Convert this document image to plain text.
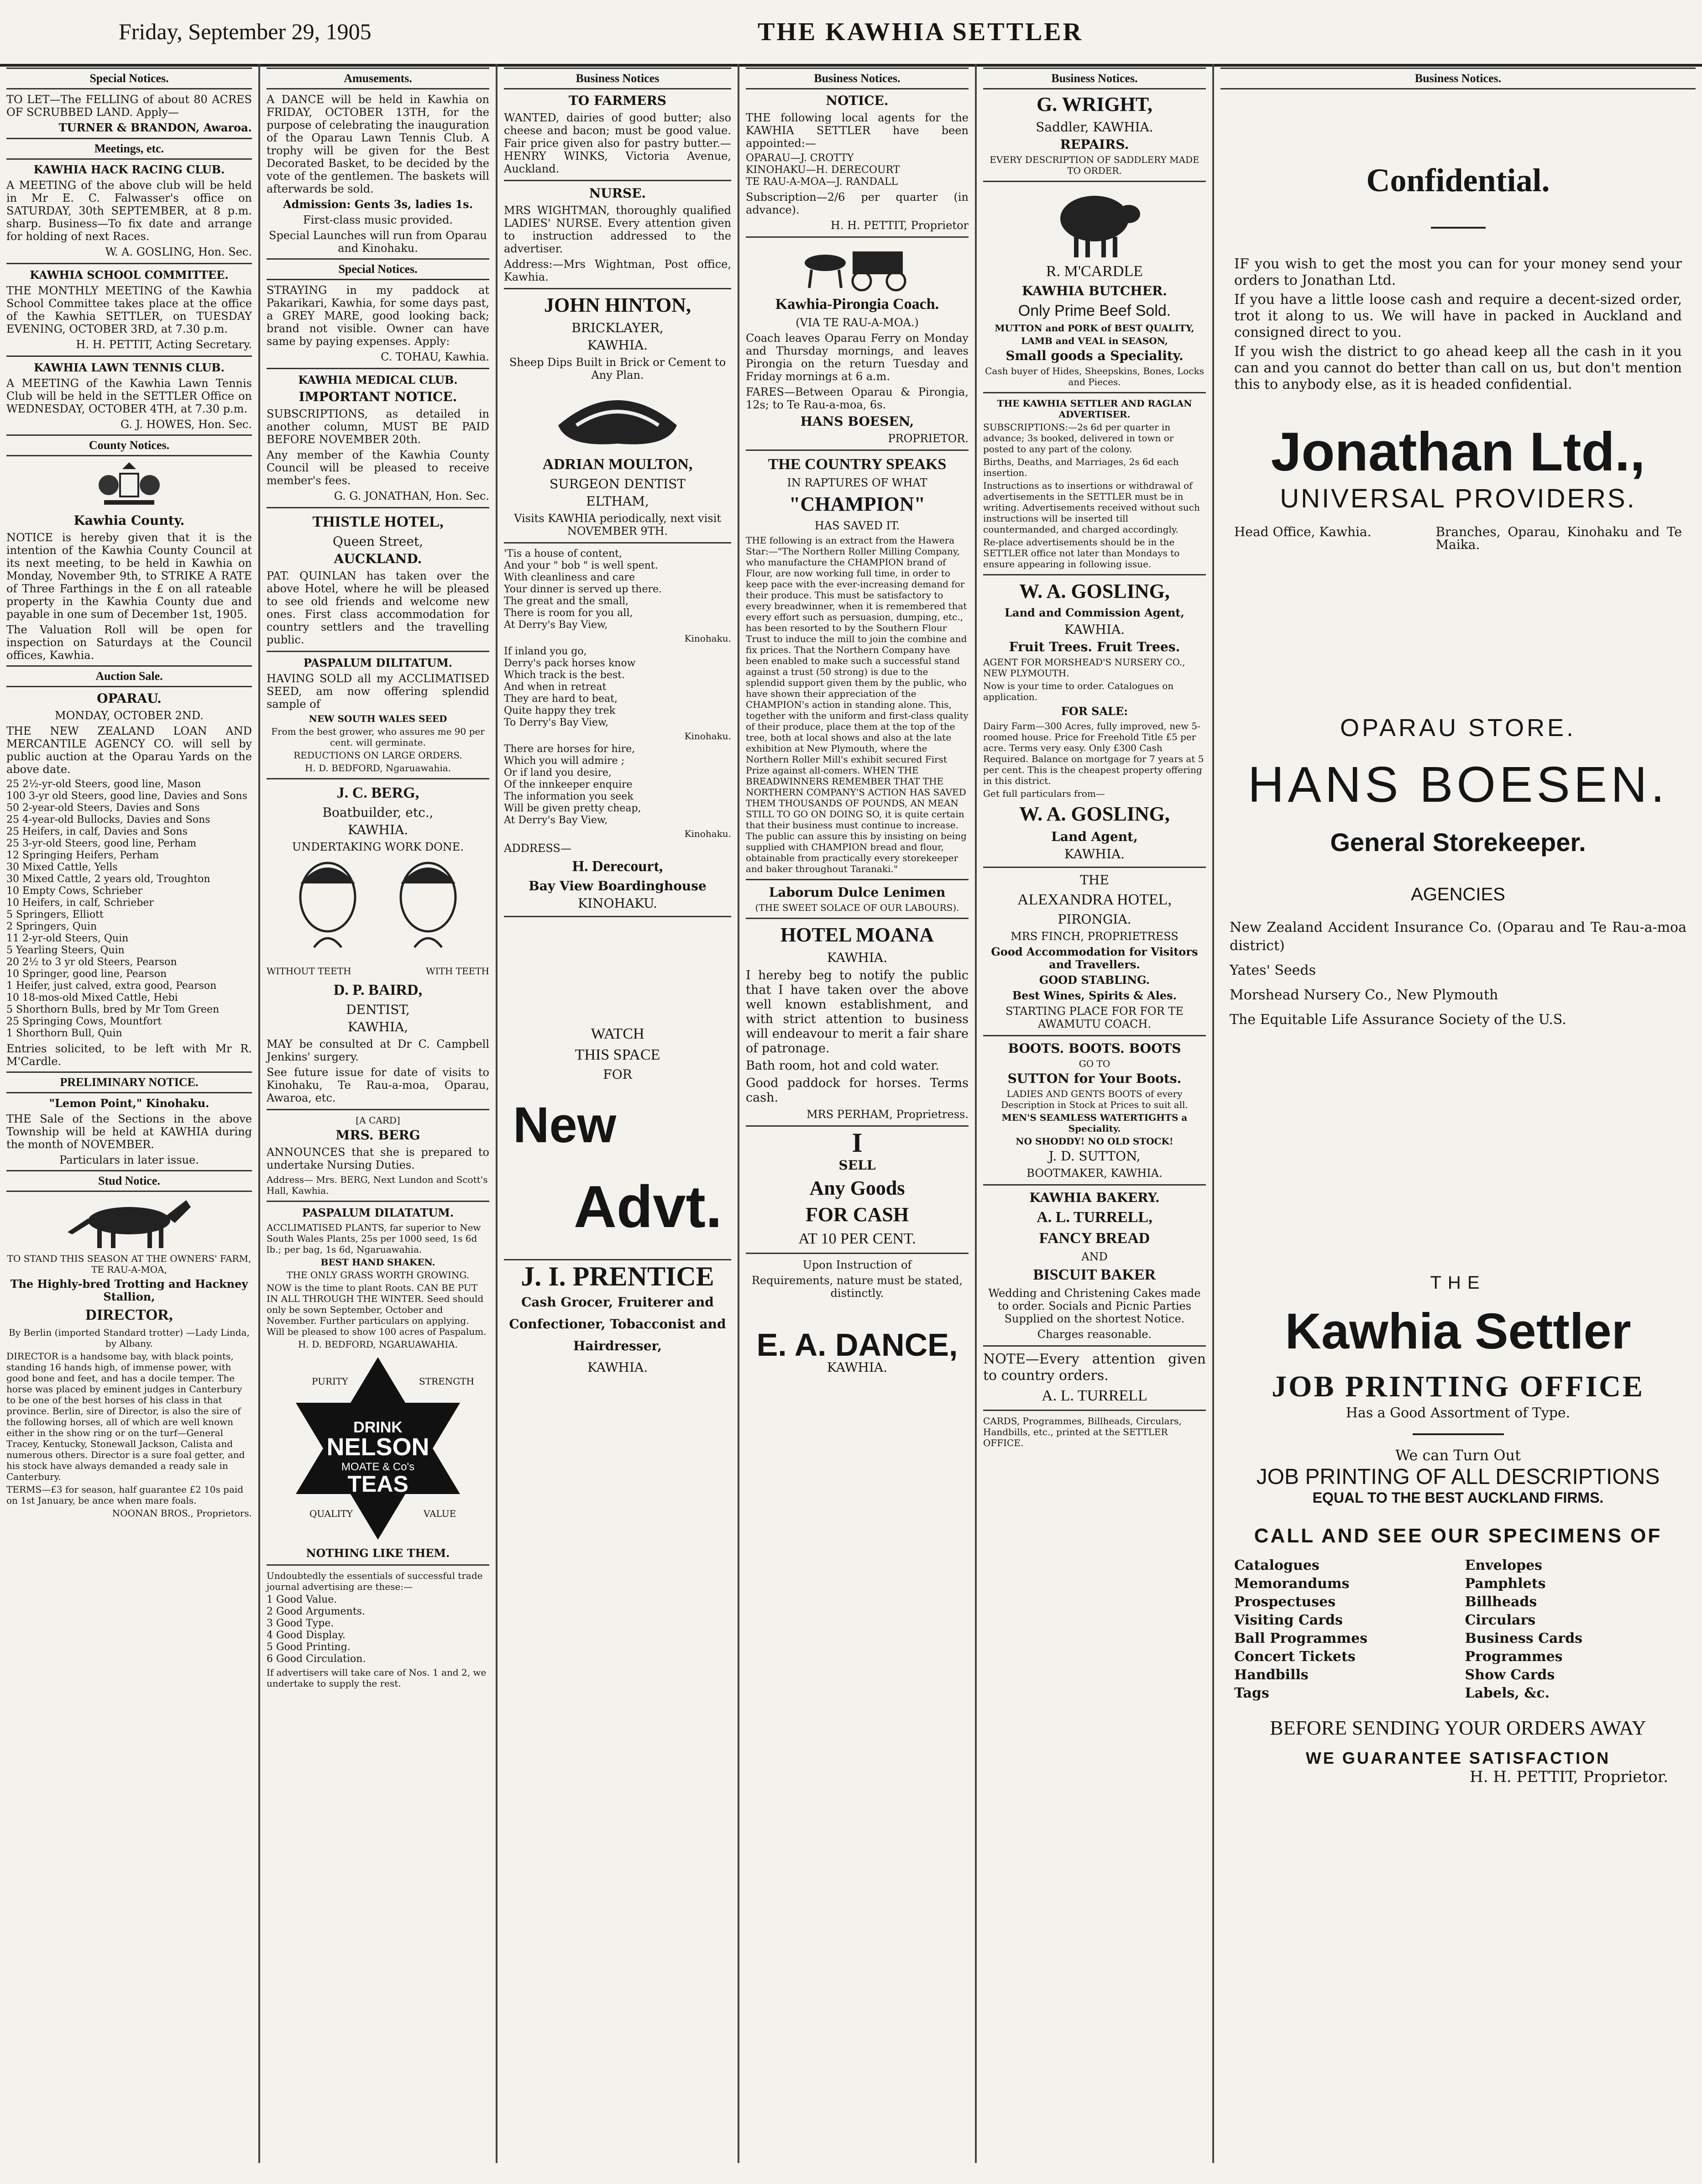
Friday, September 29, 1905	THE KAWHIA SETTLER
Special Notices.
TO LET—The FELLING of about 80 ACRES OF SCRUBBED LAND. Apply—
TURNER & BRANDON, Awaroa.
Meetings, etc.
KAWHIA HACK RACING CLUB.
A MEETING of the above club will be held in Mr E. C. Falwasser's office on SATURDAY, 30th SEPTEMBER, at 8 p.m. sharp. Business—To fix date and arrange for holding of next Races.
W. A. GOSLING, Hon. Sec.
KAWHIA SCHOOL COMMITTEE.
THE MONTHLY MEETING of the Kawhia School Committee takes place at the office of the Kawhia SETTLER, on TUESDAY EVENING, OCTOBER 3RD, at 7.30 p.m.
H. H. PETTIT, Acting Secretary.
KAWHIA LAWN TENNIS CLUB.
A MEETING of the Kawhia Lawn Tennis Club will be held in the SETTLER Office on WEDNESDAY, OCTOBER 4TH, at 7.30 p.m.
G. J. HOWES, Hon. Sec.
County Notices.
Kawhia County.
NOTICE is hereby given that it is the intention of the Kawhia County Council at its next meeting, to be held in Kawhia on Monday, November 9th, to STRIKE A RATE of Three Farthings in the £ on all rateable property in the Kawhia County due and payable in one sum of December 1st, 1905.
The Valuation Roll will be open for inspection on Saturdays at the Council offices, Kawhia.
Auction Sale.
OPARAU.
MONDAY, OCTOBER 2ND.
THE NEW ZEALAND LOAN AND MERCANTILE AGENCY CO. will sell by public auction at the Oparau Yards on the above date.
25 2½-yr-old Steers, good line, Mason
100 3-yr old Steers, good line, Davies and Sons
50 2-year-old Steers, Davies and Sons
25 4-year-old Bullocks, Davies and Sons
25 Heifers, in calf, Davies and Sons
25 3-yr-old Steers, good line, Perham
12 Springing Heifers, Perham
30 Mixed Cattle, Yells
30 Mixed Cattle, 2 years old, Troughton
10 Empty Cows, Schrieber
10 Heifers, in calf, Schrieber
5 Springers, Elliott
2 Springers, Quin
11 2-yr-old Steers, Quin
5 Yearling Steers, Quin
20 2½ to 3 yr old Steers, Pearson
10 Springer, good line, Pearson
1 Heifer, just calved, extra good, Pearson
10 18-mos-old Mixed Cattle, Hebi
5 Shorthorn Bulls, bred by Mr Tom Green
25 Springing Cows, Mountfort
1 Shorthorn Bull, Quin
Entries solicited, to be left with Mr R. M'Cardle.
PRELIMINARY NOTICE.
"Lemon Point," Kinohaku.
THE Sale of the Sections in the above Township will be held at KAWHIA during the month of NOVEMBER.
Particulars in later issue.
Stud Notice.
TO STAND THIS SEASON AT THE OWNERS' FARM, TE RAU-A-MOA,
The Highly-bred Trotting and Hackney Stallion,
DIRECTOR,
By Berlin (imported Standard trotter) —Lady Linda, by Albany.
DIRECTOR is a handsome bay, with black points, standing 16 hands high, of immense power, with good bone and feet, and has a docile temper. The horse was placed by eminent judges in Canterbury to be one of the best horses of his class in that province. Berlin, sire of Director, is also the sire of the following horses, all of which are well known either in the show ring or on the turf—General Tracey, Kentucky, Stonewall Jackson, Calista and numerous others. Director is a sure foal getter, and his stock have always demanded a ready sale in Canterbury.
TERMS—£3 for season, half guarantee £2 10s paid on 1st January, be ance when mare foals.
NOONAN BROS., Proprietors.
Amusements.
A DANCE will be held in Kawhia on FRIDAY, OCTOBER 13TH, for the purpose of celebrating the inauguration of the Oparau Lawn Tennis Club. A trophy will be given for the Best Decorated Basket, to be decided by the vote of the gentlemen. The baskets will afterwards be sold.
Admission: Gents 3s, ladies 1s.
First-class music provided.
Special Launches will run from Oparau and Kinohaku.
Special Notices.
STRAYING in my paddock at Pakarikari, Kawhia, for some days past, a GREY MARE, good looking back; brand not visible. Owner can have same by paying expenses. Apply:
C. TOHAU, Kawhia.
KAWHIA MEDICAL CLUB.
IMPORTANT NOTICE.
SUBSCRIPTIONS, as detailed in another column, MUST BE PAID BEFORE NOVEMBER 20th.
Any member of the Kawhia County Council will be pleased to receive member's fees.
G. G. JONATHAN, Hon. Sec.
THISTLE HOTEL,
Queen Street,
AUCKLAND.
PAT. QUINLAN has taken over the above Hotel, where he will be pleased to see old friends and welcome new ones. First class accommodation for country settlers and the travelling public.
PASPALUM DILITATUM.
HAVING SOLD all my ACCLIMATISED SEED, am now offering splendid sample of
NEW SOUTH WALES SEED
From the best grower, who assures me 90 per cent. will germinate.
REDUCTIONS ON LARGE ORDERS.
H. D. BEDFORD, Ngaruawahia.
J. C. BERG,
Boatbuilder, etc.,
KAWHIA.
UNDERTAKING WORK DONE.
WITHOUT TEETH	WITH TEETH
D. P. BAIRD,
DENTIST,
KAWHIA,
MAY be consulted at Dr C. Campbell Jenkins' surgery.
See future issue for date of visits to Kinohaku, Te Rau-a-moa, Oparau, Awaroa, etc.
[A CARD]
MRS. BERG
ANNOUNCES that she is prepared to undertake Nursing Duties.
Address— Mrs. BERG, Next Lundon and Scott's Hall, Kawhia.
PASPALUM DILATATUM.
ACCLIMATISED PLANTS, far superior to New South Wales Plants, 25s per 1000 seed, 1s 6d lb.; per bag, 1s 6d, Ngaruawahia.
BEST HAND SHAKEN.
THE ONLY GRASS WORTH GROWING.
NOW is the time to plant Roots. CAN BE PUT IN ALL THROUGH THE WINTER. Seed should only be sown September, October and November. Further particulars on applying. Will be pleased to show 100 acres of Paspalum.
H. D. BEDFORD, NGARUAWAHIA.
DRINK
NELSON
MOATE & Co's
TEAS
PURITY	STRENGTH
QUALITY	VALUE
NOTHING LIKE THEM.
Undoubtedly the essentials of successful trade journal advertising are these:—
1 Good Value.
2 Good Arguments.
3 Good Type.
4 Good Display.
5 Good Printing.
6 Good Circulation.
If advertisers will take care of Nos. 1 and 2, we undertake to supply the rest.
Business Notices
TO FARMERS
WANTED, dairies of good butter; also cheese and bacon; must be good value. Fair price given also for pastry butter.—HENRY WINKS, Victoria Avenue, Auckland.
NURSE.
MRS WIGHTMAN, thoroughly qualified LADIES' NURSE. Every attention given to instruction addressed to the advertiser.
Address:—Mrs Wightman, Post office, Kawhia.
JOHN HINTON,
BRICKLAYER,
KAWHIA.
Sheep Dips Built in Brick or Cement to Any Plan.
ADRIAN MOULTON,
SURGEON DENTIST
ELTHAM,
Visits KAWHIA periodically, next visit NOVEMBER 9TH.
'Tis a house of content,
And your " bob " is well spent.
With cleanliness and care
Your dinner is served up there.
The great and the small,
There is room for you all,
At Derry's Bay View,
Kinohaku.
If inland you go,
Derry's pack horses know
Which track is the best.
And when in retreat
They are hard to beat,
Quite happy they trek
To Derry's Bay View,
Kinohaku.
There are horses for hire,
Which you will admire ;
Or if land you desire,
Of the innkeeper enquire
The information you seek
Will be given pretty cheap,
At Derry's Bay View,
Kinohaku.
ADDRESS—
H. Derecourt,
Bay View Boardinghouse
KINOHAKU.
WATCH
THIS SPACE
FOR
New
Advt.
J. I. PRENTICE
Cash Grocer, Fruiterer and Confectioner, Tobacconist and Hairdresser,
KAWHIA.
Business Notices.
NOTICE.
THE following local agents for the KAWHIA SETTLER have been appointed:—
OPARAU—J. CROTTY
KINOHAKU—H. DERECOURT
TE RAU-A-MOA—J. RANDALL
Subscription—2/6 per quarter (in advance).
H. H. PETTIT, Proprietor
Kawhia-Pirongia Coach.
(VIA TE RAU-A-MOA.)
Coach leaves Oparau Ferry on Monday and Thursday mornings, and leaves Pirongia on the return Tuesday and Friday mornings at 6 a.m.
FARES—Between Oparau & Pirongia, 12s; to Te Rau-a-moa, 6s.
HANS BOESEN,
PROPRIETOR.
THE COUNTRY SPEAKS
IN RAPTURES OF WHAT
"CHAMPION"
HAS SAVED IT.
THE following is an extract from the Hawera Star:—"The Northern Roller Milling Company, who manufacture the CHAMPION brand of Flour, are now working full time, in order to keep pace with the ever-increasing demand for their produce. This must be satisfactory to every breadwinner, when it is remembered that every effort such as persuasion, dumping, etc., has been resorted to by the Southern Flour Trust to induce the mill to join the combine and fix prices. That the Northern Company have been enabled to make such a successful stand against a trust (50 strong) is due to the splendid support given them by the public, who have shown their appreciation of the CHAMPION's action in standing alone. This, together with the uniform and first-class quality of their produce, place them at the top of the tree, both at local shows and also at the late exhibition at New Plymouth, where the Northern Roller Mill's exhibit secured First Prize against all-comers. WHEN THE BREADWINNERS REMEMBER THAT THE NORTHERN COMPANY'S ACTION HAS SAVED THEM THOUSANDS OF POUNDS, AN MEAN STILL TO GO ON DOING SO, it is quite certain that their business must continue to increase. The public can assure this by insisting on being supplied with CHAMPION bread and flour, obtainable from practically every storekeeper and baker throughout Taranaki."
Laborum Dulce Lenimen
(THE SWEET SOLACE OF OUR LABOURS).
HOTEL MOANA
KAWHIA.
I hereby beg to notify the public that I have taken over the above well known establishment, and with strict attention to business will endeavour to merit a fair share of patronage.
Bath room, hot and cold water.
Good paddock for horses. Terms cash.
MRS PERHAM, Proprietress.
I
SELL
Any Goods
FOR CASH
AT 10 PER CENT.
Upon Instruction of
Requirements, nature must be stated, distinctly.
E. A. DANCE,
KAWHIA.
Business Notices.
G. WRIGHT,
Saddler, KAWHIA.
REPAIRS.
EVERY DESCRIPTION OF SADDLERY MADE TO ORDER.
R. M'CARDLE
KAWHIA BUTCHER.
Only Prime Beef Sold.
MUTTON and PORK of BEST QUALITY,
LAMB and VEAL in SEASON,
Small goods a Speciality.
Cash buyer of Hides, Sheepskins, Bones, Locks and Pieces.
THE KAWHIA SETTLER AND RAGLAN ADVERTISER.
SUBSCRIPTIONS:—2s 6d per quarter in advance; 3s booked, delivered in town or posted to any part of the colony.
Births, Deaths, and Marriages, 2s 6d each insertion.
Instructions as to insertions or withdrawal of advertisements in the SETTLER must be in writing. Advertisements received without such instructions will be inserted till countermanded, and charged accordingly.
Re-place advertisements should be in the SETTLER office not later than Mondays to ensure appearing in following issue.
W. A. GOSLING,
Land and Commission Agent,
KAWHIA.
Fruit Trees. Fruit Trees.
AGENT FOR MORSHEAD'S NURSERY CO., NEW PLYMOUTH.
Now is your time to order. Catalogues on application.
FOR SALE:
Dairy Farm—300 Acres, fully improved, new 5-roomed house. Price for Freehold Title £5 per acre. Terms very easy. Only £300 Cash Required. Balance on mortgage for 7 years at 5 per cent. This is the cheapest property offering in this district.
Get full particulars from—
W. A. GOSLING,
Land Agent,
KAWHIA.
THE
ALEXANDRA HOTEL,
PIRONGIA.
MRS FINCH, PROPRIETRESS
Good Accommodation for Visitors and Travellers.
GOOD STABLING.
Best Wines, Spirits & Ales.
STARTING PLACE FOR FOR TE AWAMUTU COACH.
BOOTS. BOOTS. BOOTS
GO TO
SUTTON for Your Boots.
LADIES AND GENTS BOOTS of every Description in Stock at Prices to suit all.
MEN'S SEAMLESS WATERTIGHTS a Speciality.
NO SHODDY! NO OLD STOCK!
J. D. SUTTON,
BOOTMAKER, KAWHIA.
KAWHIA BAKERY.
A. L. TURRELL,
FANCY BREAD
AND
BISCUIT BAKER
Wedding and Christening Cakes made to order. Socials and Picnic Parties Supplied on the shortest Notice.
Charges reasonable.
NOTE—Every attention given to country orders.
A. L. TURRELL
CARDS, Programmes, Billheads, Circulars, Handbills, etc., printed at the SETTLER OFFICE.
Business Notices.
Confidential.
IF you wish to get the most you can for your money send your orders to Jonathan Ltd.
If you have a little loose cash and require a decent-sized order, trot it along to us. We will have in packed in Auckland and consigned direct to you.
If you wish the district to go ahead keep all the cash in it you can and you cannot do better than call on us, but don't mention this to anybody else, as it is headed confidential.
Jonathan Ltd.,
UNIVERSAL PROVIDERS.
Head Office, Kawhia.	Branches, Oparau, Kinohaku and Te Maika.
OPARAU STORE.
HANS BOESEN.
General Storekeeper.
AGENCIES
New Zealand Accident Insurance Co. (Oparau and Te Rau-a-moa district)
Yates' Seeds
Morshead Nursery Co., New Plymouth
The Equitable Life Assurance Society of the U.S.
THE
Kawhia Settler
JOB PRINTING OFFICE
Has a Good Assortment of Type.
We can Turn Out
JOB PRINTING OF ALL DESCRIPTIONS
EQUAL TO THE BEST AUCKLAND FIRMS.
CALL AND SEE OUR SPECIMENS OF
Catalogues
Memorandums
Prospectuses
Visiting Cards
Ball Programmes
Concert Tickets
Handbills
Tags
Envelopes
Pamphlets
Billheads
Circulars
Business Cards
Programmes
Show Cards
Labels, &c.
BEFORE SENDING YOUR ORDERS AWAY
WE GUARANTEE SATISFACTION
H. H. PETTIT, Proprietor.
